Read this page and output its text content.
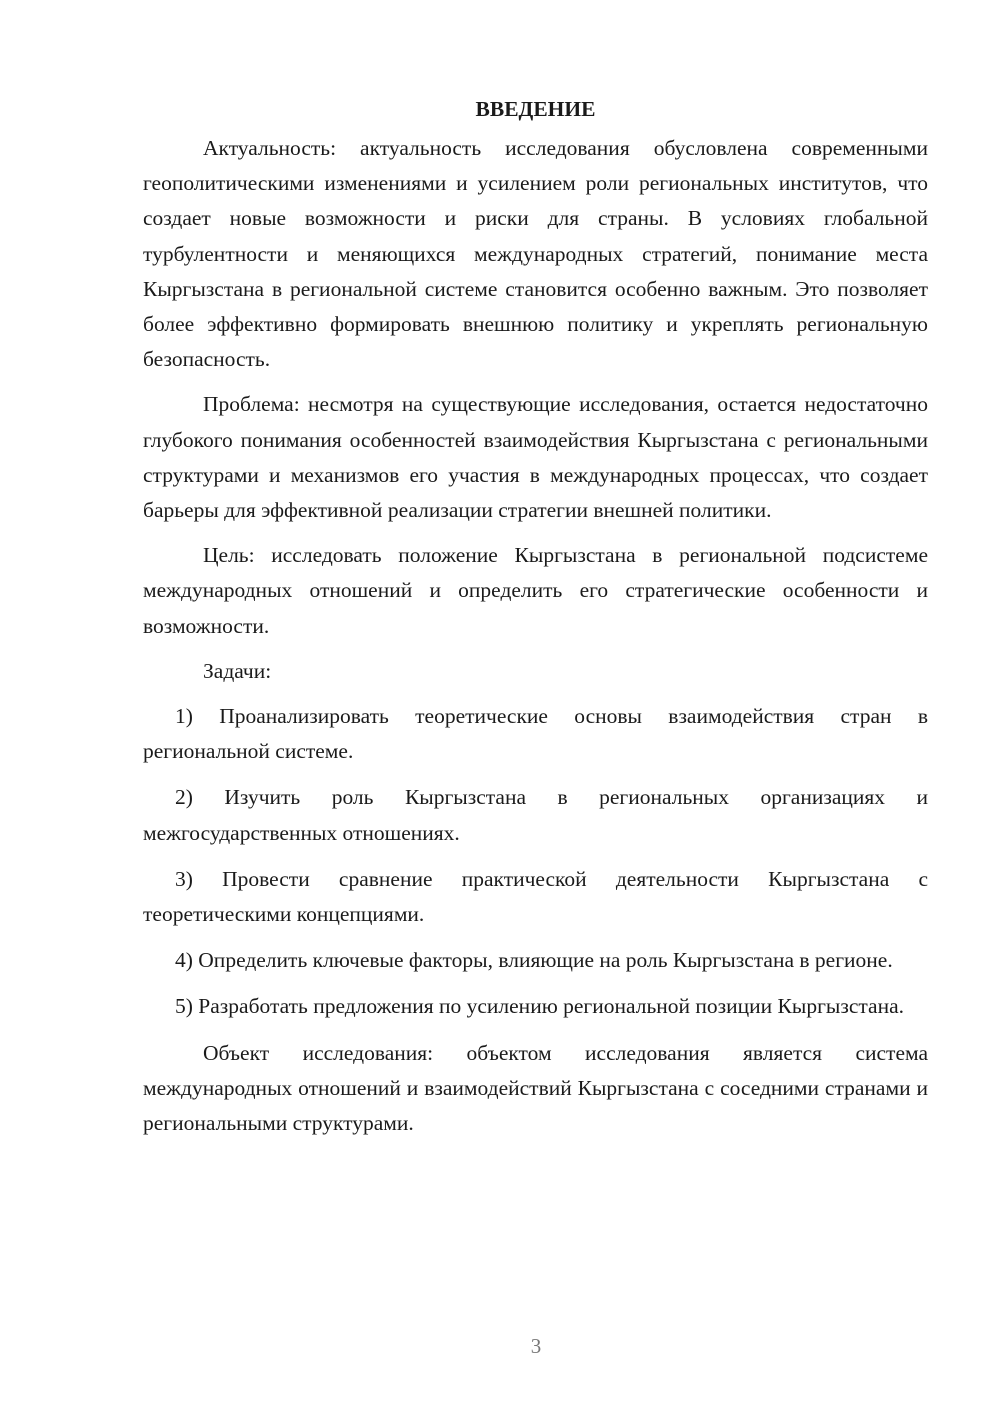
ВВЕДЕНИЕ

Актуальность: актуальность исследования обусловлена современными геополитическими изменениями и усилением роли региональных институтов, что создает новые возможности и риски для страны. В условиях глобальной турбулентности и меняющихся международных стратегий, понимание места Кыргызстана в региональной системе становится особенно важным. Это позволяет более эффективно формировать внешнюю политику и укреплять региональную безопасность.

Проблема: несмотря на существующие исследования, остается недостаточно глубокого понимания особенностей взаимодействия Кыргызстана с региональными структурами и механизмов его участия в международных процессах, что создает барьеры для эффективной реализации стратегии внешней политики.

Цель: исследовать положение Кыргызстана в региональной подсистеме международных отношений и определить его стратегические особенности и возможности.

Задачи:

1) Проанализировать теоретические основы взаимодействия стран в региональной системе.

2) Изучить роль Кыргызстана в региональных организациях и межгосударственных отношениях.

3) Провести сравнение практической деятельности Кыргызстана с теоретическими концепциями.

4) Определить ключевые факторы, влияющие на роль Кыргызстана в регионе.

5) Разработать предложения по усилению региональной позиции Кыргызстана.

Объект исследования: объектом исследования является система международных отношений и взаимодействий Кыргызстана с соседними странами и региональными структурами.

3
